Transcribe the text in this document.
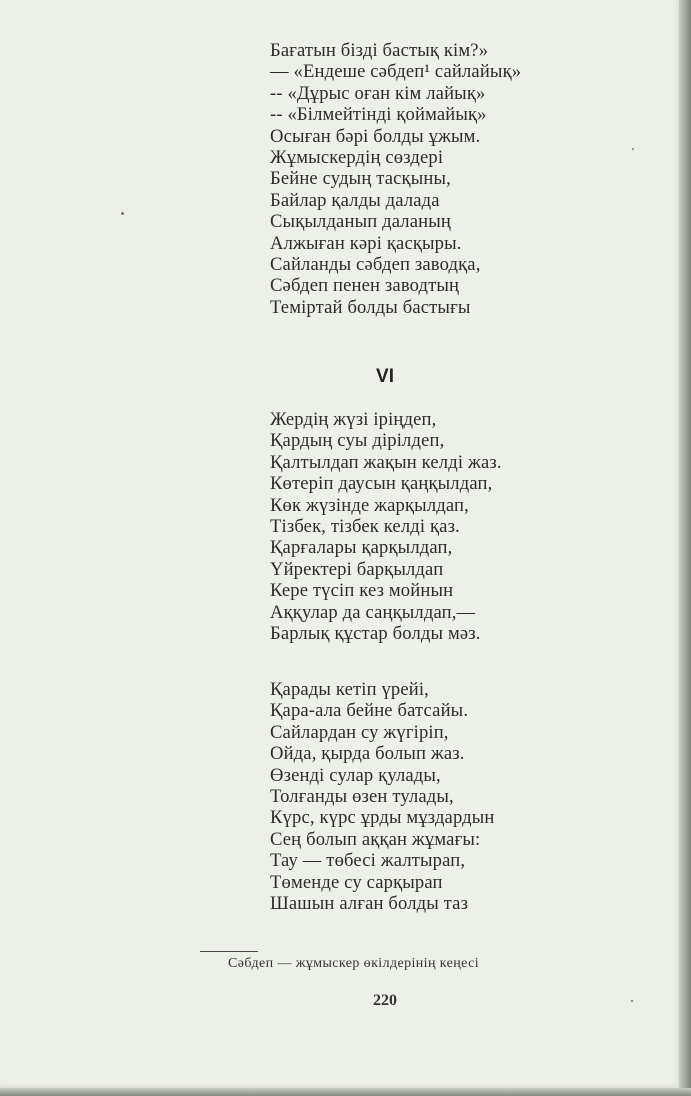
Бағатын бізді бастық кім?»
— «Ендеше сәбдеп¹ сайлайық»
-- «Дұрыс оған кім лайық»
-- «Білмейтінді қоймайық»
Осыған бәрі болды ұжым.
Жұмыскердің сөздері
Бейне судың тасқыны,
Байлар қалды далада
Сықылданып даланың
Алжыған кәрі қасқыры.
Сайланды сәбдеп заводқа,
Сәбдеп пенен заводтың
Теміртай болды бастығы
VI
Жердің жүзі іріңдеп,
Қардың суы дірілдеп,
Қалтылдап жақын келді жаз.
Көтеріп даусын қаңқылдап,
Көк жүзінде жарқылдап,
Тізбек, тізбек келді қаз.
Қарғалары қарқылдап,
Үйректері барқылдап
Кере түсіп кез мойнын
Аққулар да саңқылдап,—
Барлық құстар болды мәз.
Қарады кетіп үрейі,
Қара-ала бейне батсайы.
Сайлардан су жүгіріп,
Ойда, қырда болып жаз.
Өзенді сулар қулады,
Толғанды өзен тулады,
Күрс, күрс ұрды мұздардын
Сең болып аққан жұмағы:
Тау — төбесі жалтырап,
Төменде су сарқырап
Шашын алған болды таз
Сәбдеп — жұмыскер өкілдерінің кеңесі
220
